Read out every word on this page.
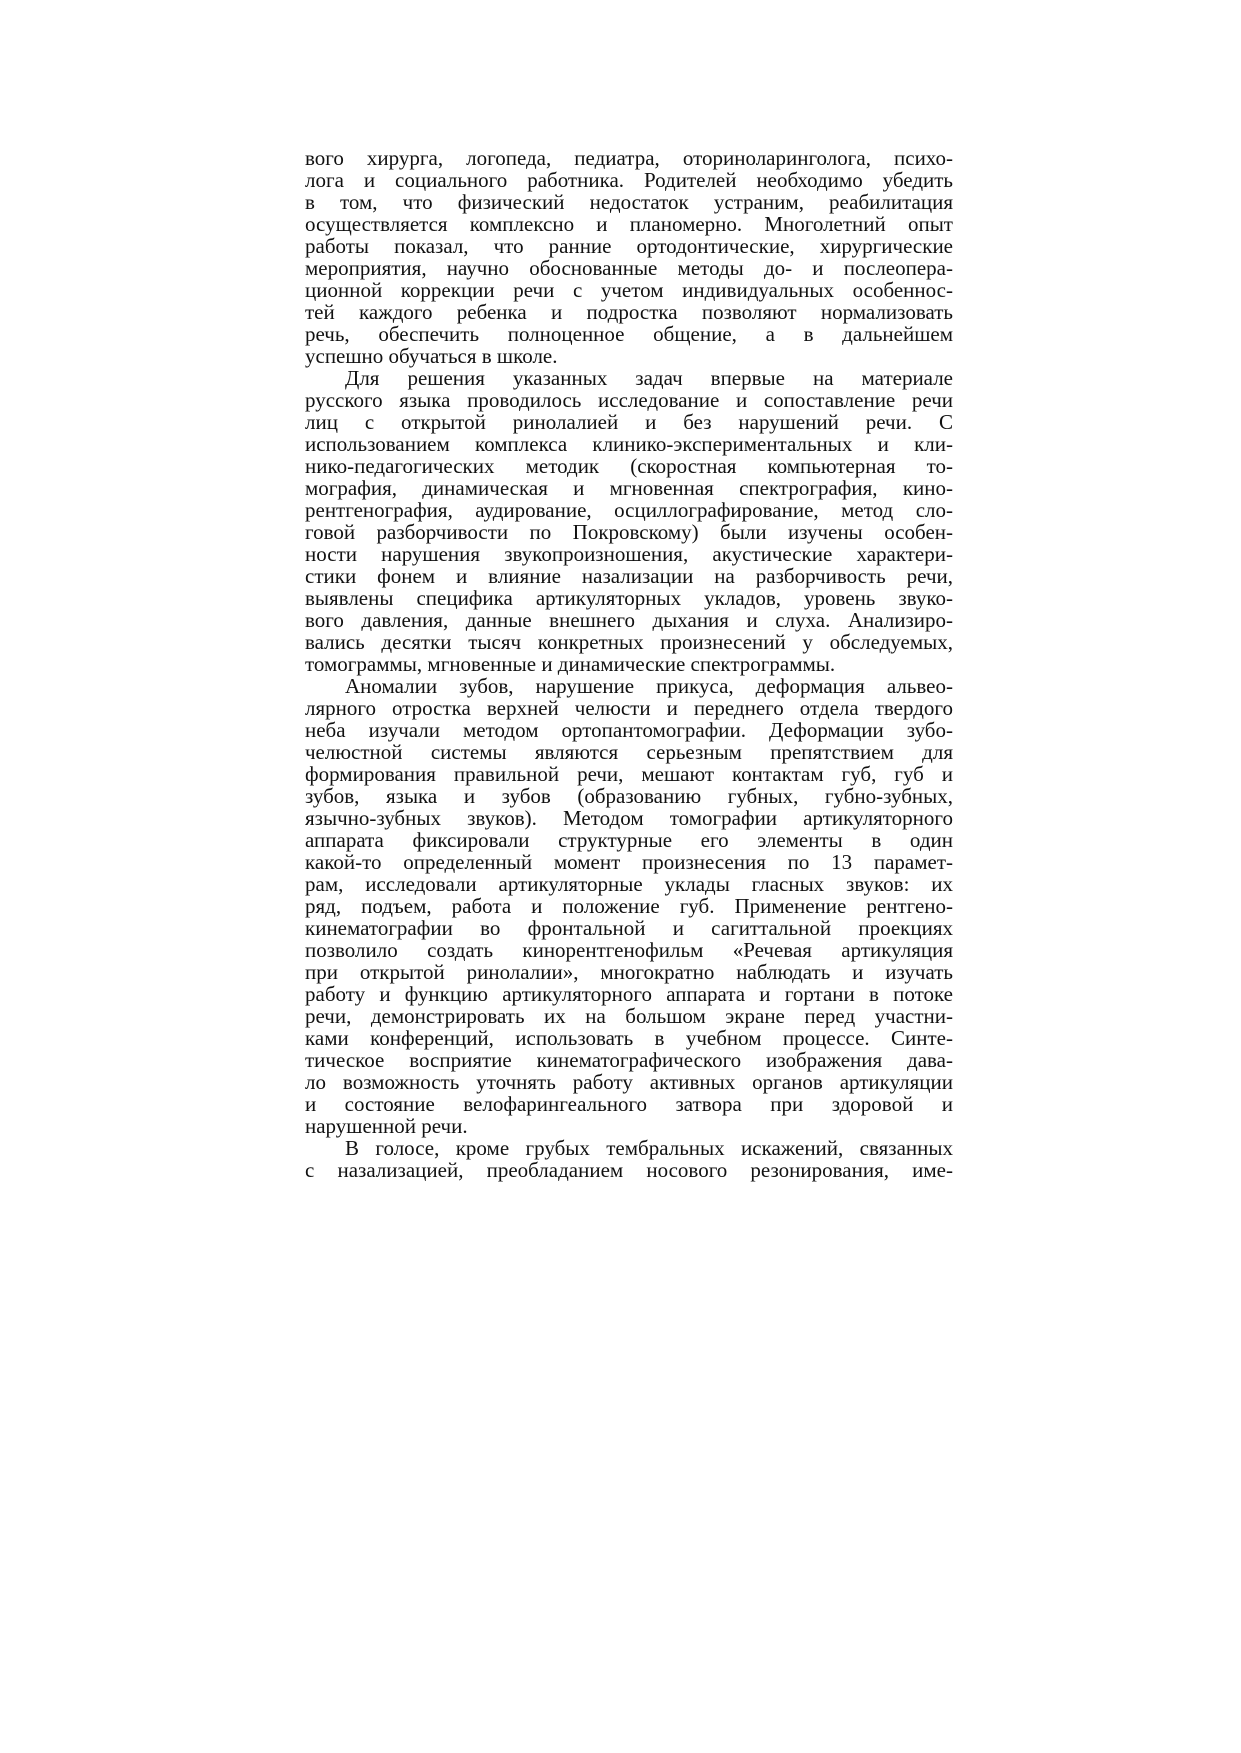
вого хирурга, логопеда, педиатра, оториноларинголога, психо-
лога и социального работника. Родителей необходимо убедить
в том, что физический недостаток устраним, реабилитация
осуществляется комплексно и планомерно. Многолетний опыт
работы показал, что ранние ортодонтические, хирургические
мероприятия, научно обоснованные методы до- и послеопера-
ционной коррекции речи с учетом индивидуальных особеннос-
тей каждого ребенка и подростка позволяют нормализовать
речь, обеспечить полноценное общение, а в дальнейшем
успешно обучаться в школе.
Для решения указанных задач впервые на материале
русского языка проводилось исследование и сопоставление речи
лиц с открытой ринолалией и без нарушений речи. С
использованием комплекса клинико-экспериментальных и кли-
нико-педагогических методик (скоростная компьютерная то-
мография, динамическая и мгновенная спектрография, кино-
рентгенография, аудирование, осциллографирование, метод сло-
говой разборчивости по Покровскому) были изучены особен-
ности нарушения звукопроизношения, акустические характери-
стики фонем и влияние назализации на разборчивость речи,
выявлены специфика артикуляторных укладов, уровень звуко-
вого давления, данные внешнего дыхания и слуха. Анализиро-
вались десятки тысяч конкретных произнесений у обследуемых,
томограммы, мгновенные и динамические спектрограммы.
Аномалии зубов, нарушение прикуса, деформация альвео-
лярного отростка верхней челюсти и переднего отдела твердого
неба изучали методом ортопантомографии. Деформации зубо-
челюстной системы являются серьезным препятствием для
формирования правильной речи, мешают контактам губ, губ и
зубов, языка и зубов (образованию губных, губно-зубных,
язычно-зубных звуков). Методом томографии артикуляторного
аппарата фиксировали структурные его элементы в один
какой-то определенный момент произнесения по 13 парамет-
рам, исследовали артикуляторные уклады гласных звуков: их
ряд, подъем, работа и положение губ. Применение рентгено-
кинематографии во фронтальной и сагиттальной проекциях
позволило создать кинорентгенофильм «Речевая артикуляция
при открытой ринолалии», многократно наблюдать и изучать
работу и функцию артикуляторного аппарата и гортани в потоке
речи, демонстрировать их на большом экране перед участни-
ками конференций, использовать в учебном процессе. Синте-
тическое восприятие кинематографического изображения дава-
ло возможность уточнять работу активных органов артикуляции
и состояние велофарингеального затвора при здоровой и
нарушенной речи.
В голосе, кроме грубых тембральных искажений, связанных
с назализацией, преобладанием носового резонирования, име-
